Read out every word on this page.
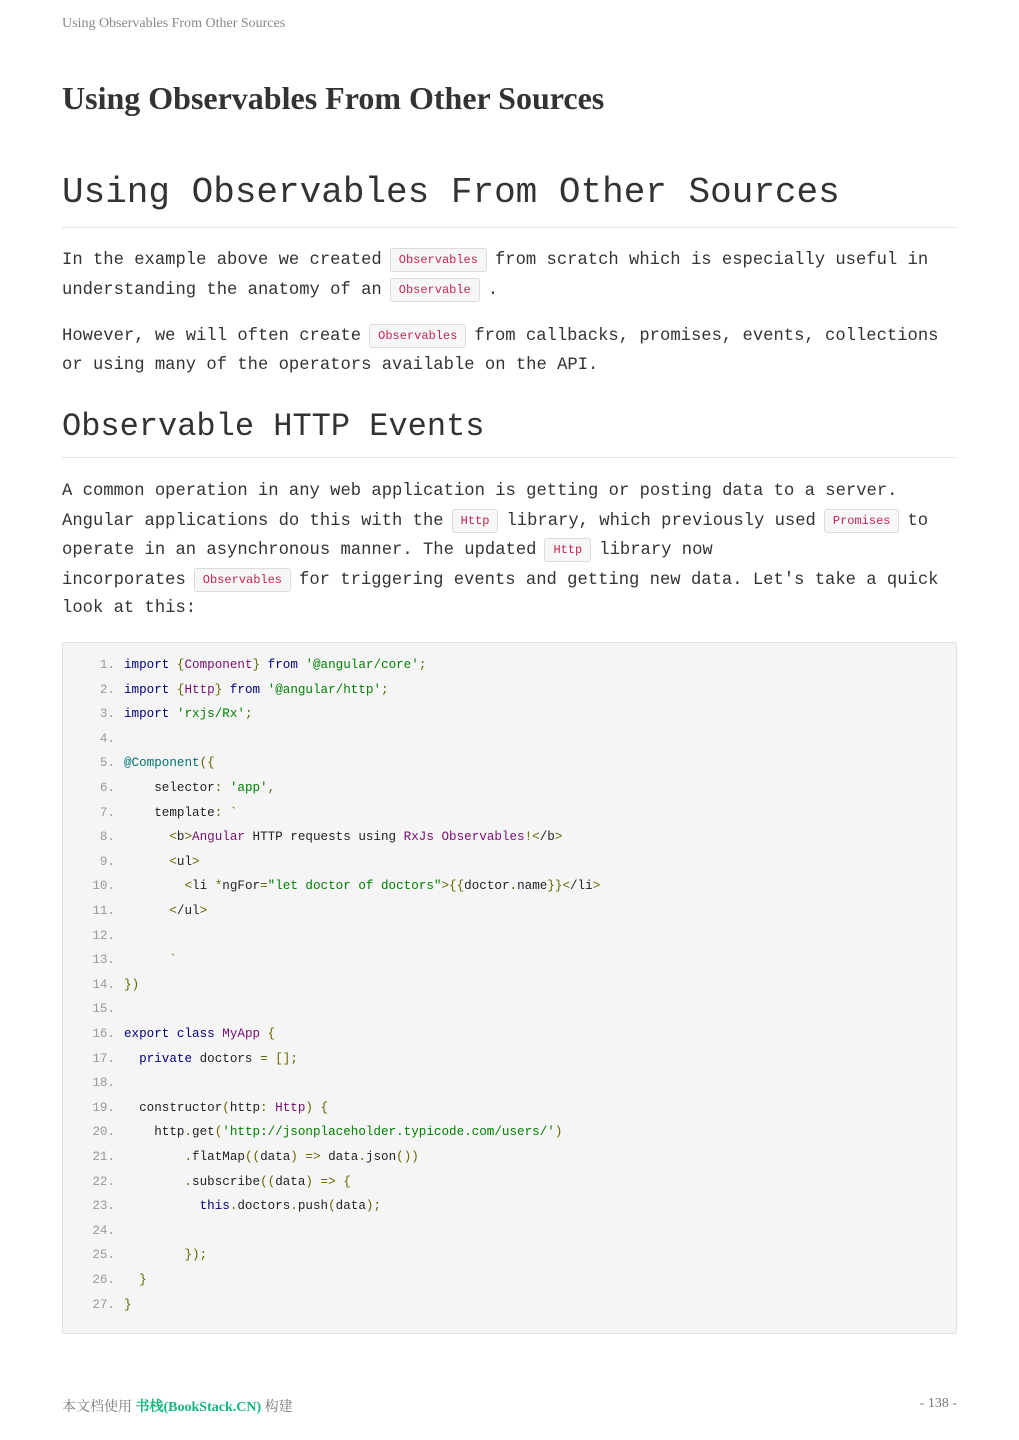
Using Observables From Other Sources
Using Observables From Other Sources
Using Observables From Other Sources

In the example above we created Observables from scratch which is especially useful in understanding the anatomy of an Observable .

However, we will often create Observables from callbacks, promises, events, collections or using many of the operators available on the API.

Observable HTTP Events

A common operation in any web application is getting or posting data to a server. Angular applications do this with the Http library, which previously used Promises to operate in an asynchronous manner. The updated Http library now incorporates Observables for triggering events and getting new data. Let's take a quick look at this:

1. import {Component} from '@angular/core';
2. import {Http} from '@angular/http';
3. import 'rxjs/Rx';
4.
5. @Component({
6.    selector: 'app',
7.    template: `
8.	<b>Angular HTTP requests using RxJs Observables!</b>
9.	<ul>
10.	<li *ngFor="let doctor of doctors">{{doctor.name}}</li>
11.	</ul>
12.
13.	`
14. })
15.
16. export class MyApp {
17. private doctors = [];
18.
19.  constructor(http: Http) {
20.    http.get('http://jsonplaceholder.typicode.com/users/')
21.	.flatMap((data) => data.json())
22.	.subscribe((data) => {
23.	this.doctors.push(data);
24.
25.	});
26. }
27. }
本文档使用 书栈(BookStack.CN) 构建	- 138 -
